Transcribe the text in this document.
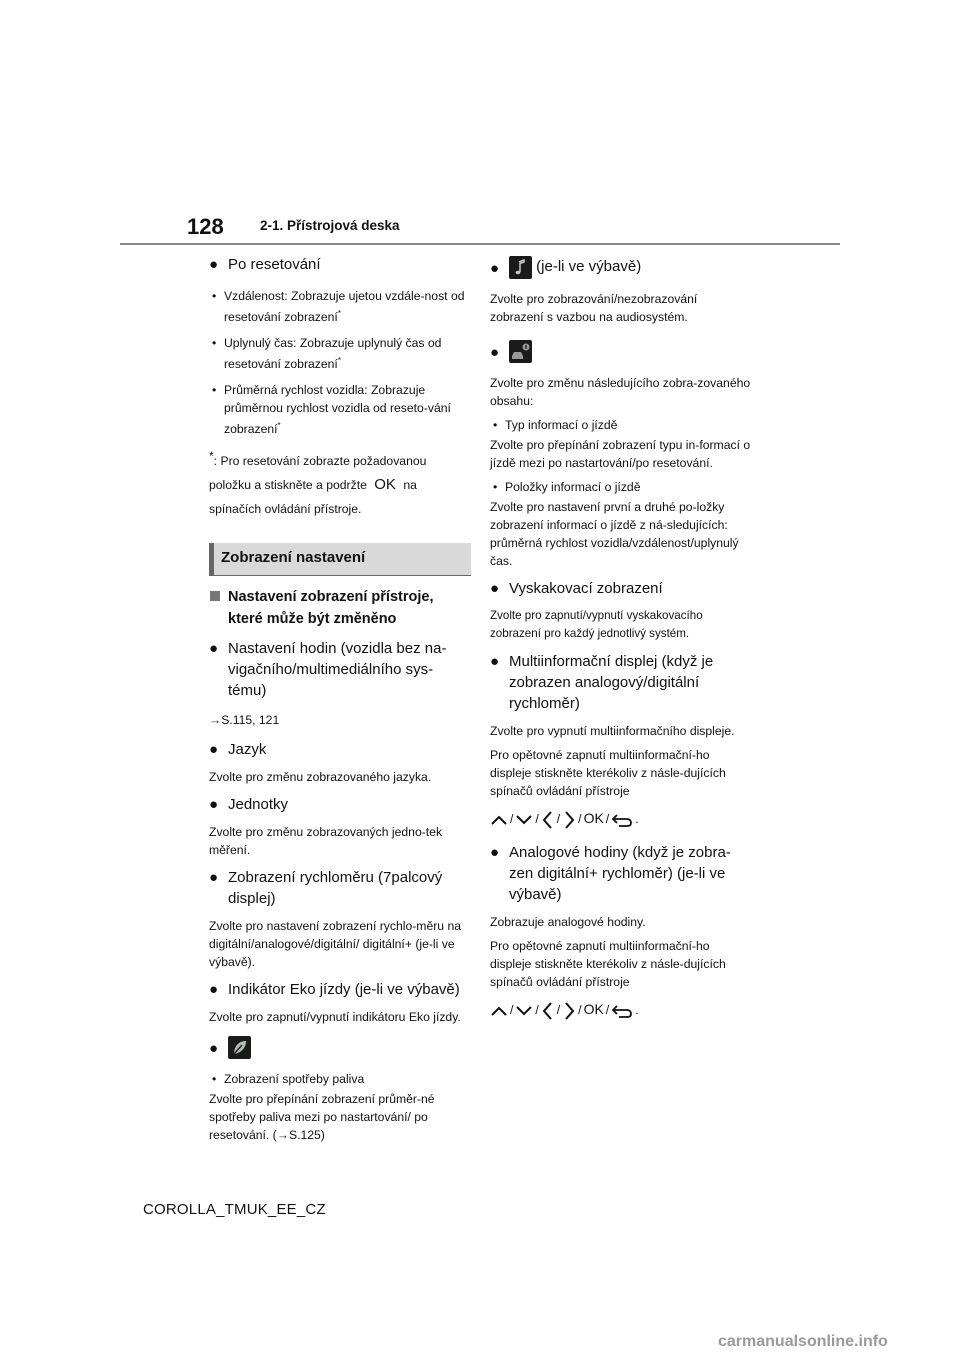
128	2-1. Přístrojová deska

● Po resetování

• Vzdálenost: Zobrazuje ujetou vzdále-nost od resetování zobrazení*

• Uplynulý čas: Zobrazuje uplynulý čas od resetování zobrazení*

• Průměrná rychlost vozidla: Zobrazuje průměrnou rychlost vozidla od reseto-vání zobrazení*

*: Pro resetování zobrazte požadovanou položku a stiskněte a podržte OK na spínačích ovládání přístroje.

Zobrazení nastavení

Nastavení zobrazení přístroje, které může být změněno

● Nastavení hodin (vozidla bez na-vigačního/multimediálního sys-tému)

→S.115, 121

● Jazyk

Zvolte pro změnu zobrazovaného jazyka.

● Jednotky

Zvolte pro změnu zobrazovaných jedno-tek měření.

● Zobrazení rychloměru (7palcový displej)

Zvolte pro nastavení zobrazení rychlo-měru na digitální/analogové/digitální/ digitální+ (je-li ve výbavě).

● Indikátor Eko jízdy (je-li ve výbavě)

Zvolte pro zapnutí/vypnutí indikátoru Eko jízdy.

●

• Zobrazení spotřeby paliva

Zvolte pro přepínání zobrazení průměr-né spotřeby paliva mezi po nastartování/ po resetování. (→S.125)

● (je-li ve výbavě)

Zvolte pro zobrazování/nezobrazování zobrazení s vazbou na audiosystém.

●

Zvolte pro změnu následujícího zobra-zovaného obsahu:

• Typ informací o jízdě

Zvolte pro přepínání zobrazení typu in-formací o jízdě mezi po nastartování/po resetování.

• Položky informací o jízdě

Zvolte pro nastavení první a druhé po-ložky zobrazení informací o jízdě z ná-sledujících: průměrná rychlost vozidla/vzdálenost/uplynulý čas.

● Vyskakovací zobrazení

Zvolte pro zapnutí/vypnutí vyskakovacího zobrazení pro každý jednotlivý systém.

● Multiinformační displej (když je zobrazen analogový/digitální rychloměr)

Zvolte pro vypnutí multiinformačního displeje.

Pro opětovné zapnutí multiinformační-ho displeje stiskněte kterékoliv z násle-dujících spínačů ovládání přístroje

/ / / / OK / .

● Analogové hodiny (když je zobra-zen digitální+ rychloměr) (je-li ve výbavě)

Zobrazuje analogové hodiny.

Pro opětovné zapnutí multiinformační-ho displeje stiskněte kterékoliv z násle-dujících spínačů ovládání přístroje

/ / / / OK / .
COROLLA_TMUK_EE_CZ
carmanualsonline.info
